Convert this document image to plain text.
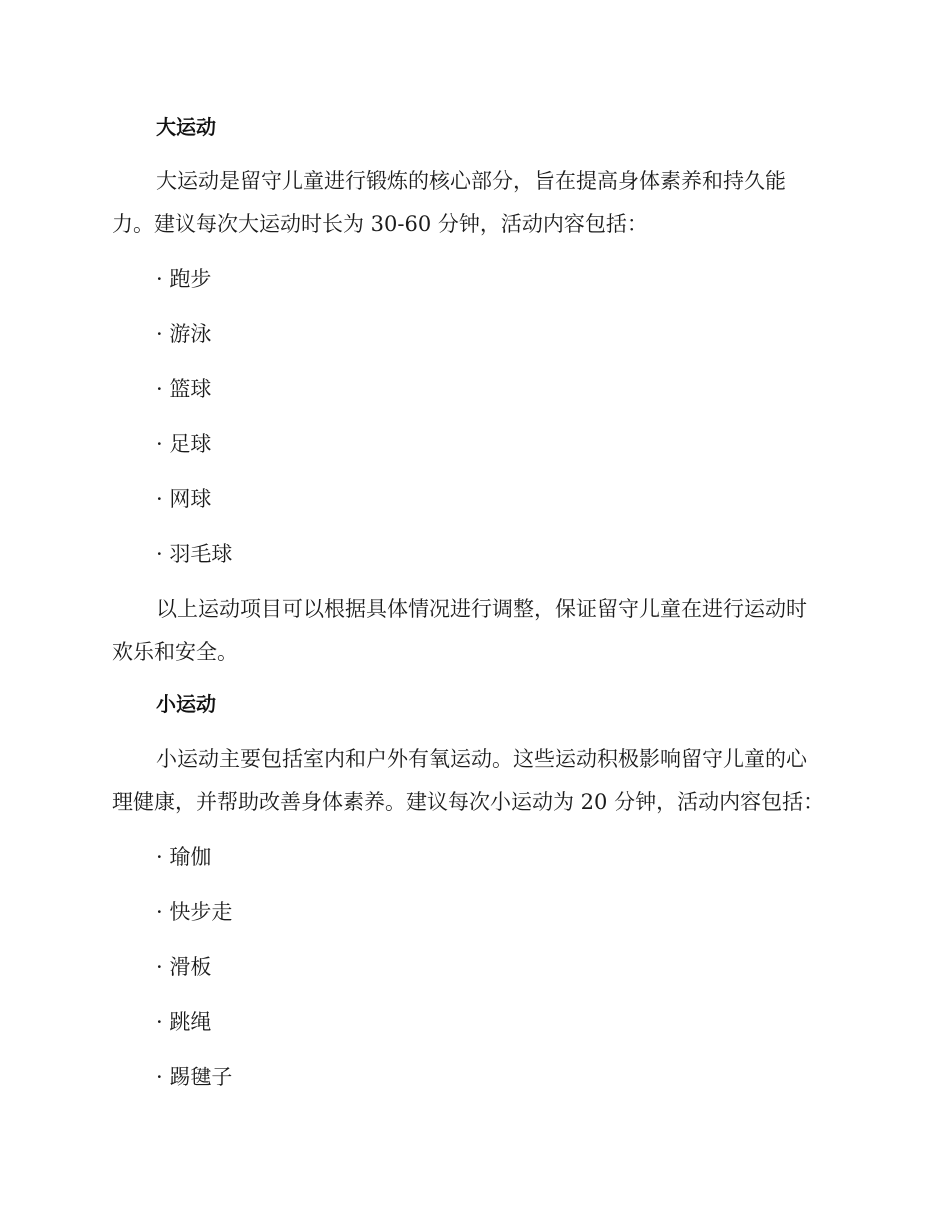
大运动
大运动是留守儿童进行锻炼的核心部分，旨在提高身体素养和持久能
力。建议每次大运动时长为 30-60 分钟，活动内容包括：
· 跑步
· 游泳
· 篮球
· 足球
· 网球
· 羽毛球
以上运动项目可以根据具体情况进行调整，保证留守儿童在进行运动时
欢乐和安全。
小运动
小运动主要包括室内和户外有氧运动。这些运动积极影响留守儿童的心
理健康，并帮助改善身体素养。建议每次小运动为 20 分钟，活动内容包括：
· 瑜伽
· 快步走
· 滑板
· 跳绳
· 踢毽子
